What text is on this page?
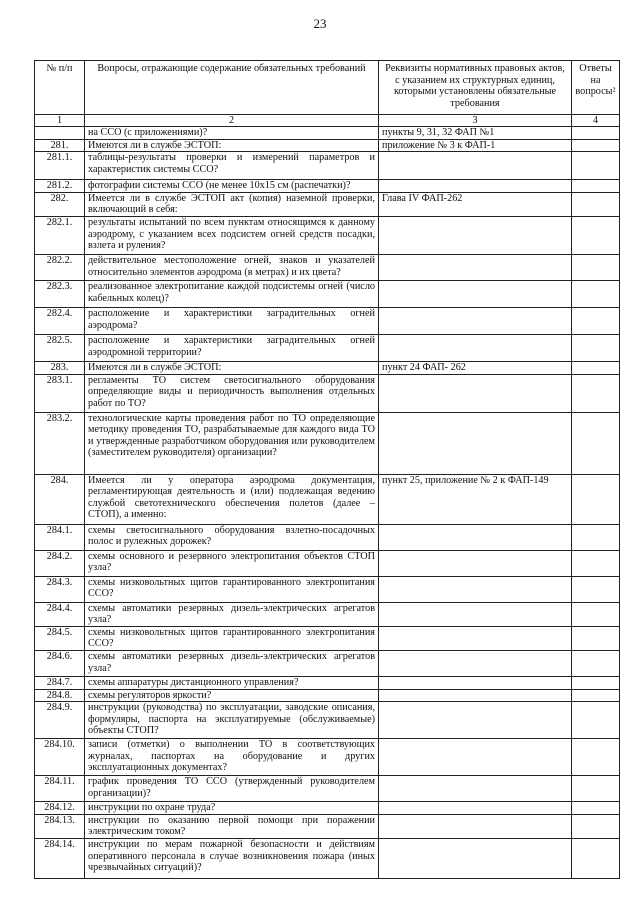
23
№ п/п	Вопросы, отражающие содержание обязательных требований	Реквизиты нормативных правовых актов, с указанием их структурных единиц, которыми установлены обязательные требования	Ответы
на
вопросы²

1	2	3	4
	на ССО (с приложениями)?	пункты 9, 31, 32 ФАП №1	
281.	Имеются ли в службе ЭСТОП:	приложение № 3 к ФАП-1	
281.1.	таблицы-результаты проверки и измерений параметров и характеристик системы ССО?		
281.2.	фотографии системы ССО (не менее 10х15 см (распечатки)?		
282.	Имеется ли в службе ЭСТОП акт (копия) наземной проверки, включающий в себя:	Глава IV ФАП-262	
282.1.	результаты испытаний по всем пунктам относящимся к данному аэродрому, с указанием всех подсистем огней средств посадки, взлета и руления?		
282.2.	действительное местоположение огней, знаков и указателей относительно элементов аэродрома (в метрах) и их цвета?		
282.3.	реализованное электропитание каждой подсистемы огней (число кабельных колец)?		
282.4.	расположение и характеристики заградительных огней аэродрома?		
282.5.	расположение и характеристики заградительных огней аэродромной территории?		
283.	Имеются ли в службе ЭСТОП:	пункт 24 ФАП- 262	
283.1.	регламенты ТО систем светосигнального оборудования определяющие виды и периодичность выполнения отдельных работ по ТО?		
283.2.	технологические карты проведения работ по ТО определяющие методику проведения ТО, разрабатываемые для каждого вида ТО и утвержденные разработчиком оборудования или руководителем (заместителем руководителя) организации?		
284.	Имеется ли у оператора аэродрома документация, регламентирующая деятельность и (или) подлежащая ведению службой светотехнического обеспечения полетов (далее – СТОП), а именно:	пункт 25, приложение № 2 к ФАП-149	
284.1.	схемы светосигнального оборудования взлетно-посадочных полос и рулежных дорожек?		
284.2.	схемы основного и резервного электропитания объектов СТОП узла?		
284.3.	схемы низковольтных щитов гарантированного электропитания ССО?		
284.4.	схемы автоматики резервных дизель-электрических агрегатов узла?		
284.5.	схемы низковольтных щитов гарантированного электропитания ССО?		
284.6.	схемы автоматики резервных дизель-электрических агрегатов узла?		
284.7.	схемы аппаратуры дистанционного управления?		
284.8.	схемы регуляторов яркости?		
284.9.	инструкции (руководства) по эксплуатации, заводские описания, формуляры, паспорта на эксплуатируемые (обслуживаемые) объекты СТОП?		
284.10.	записи (отметки) о выполнении ТО в соответствующих журналах, паспортах на оборудование и других эксплуатационных документах?		
284.11.	график проведения ТО ССО (утвержденный руководителем организации)?		
284.12.	инструкции по охране труда?		
284.13.	инструкции по оказанию первой помощи при поражении электрическим током?		
284.14.	инструкции по мерам пожарной безопасности и действиям оперативного персонала в случае возникновения пожара (иных чрезвычайных ситуаций)?		
